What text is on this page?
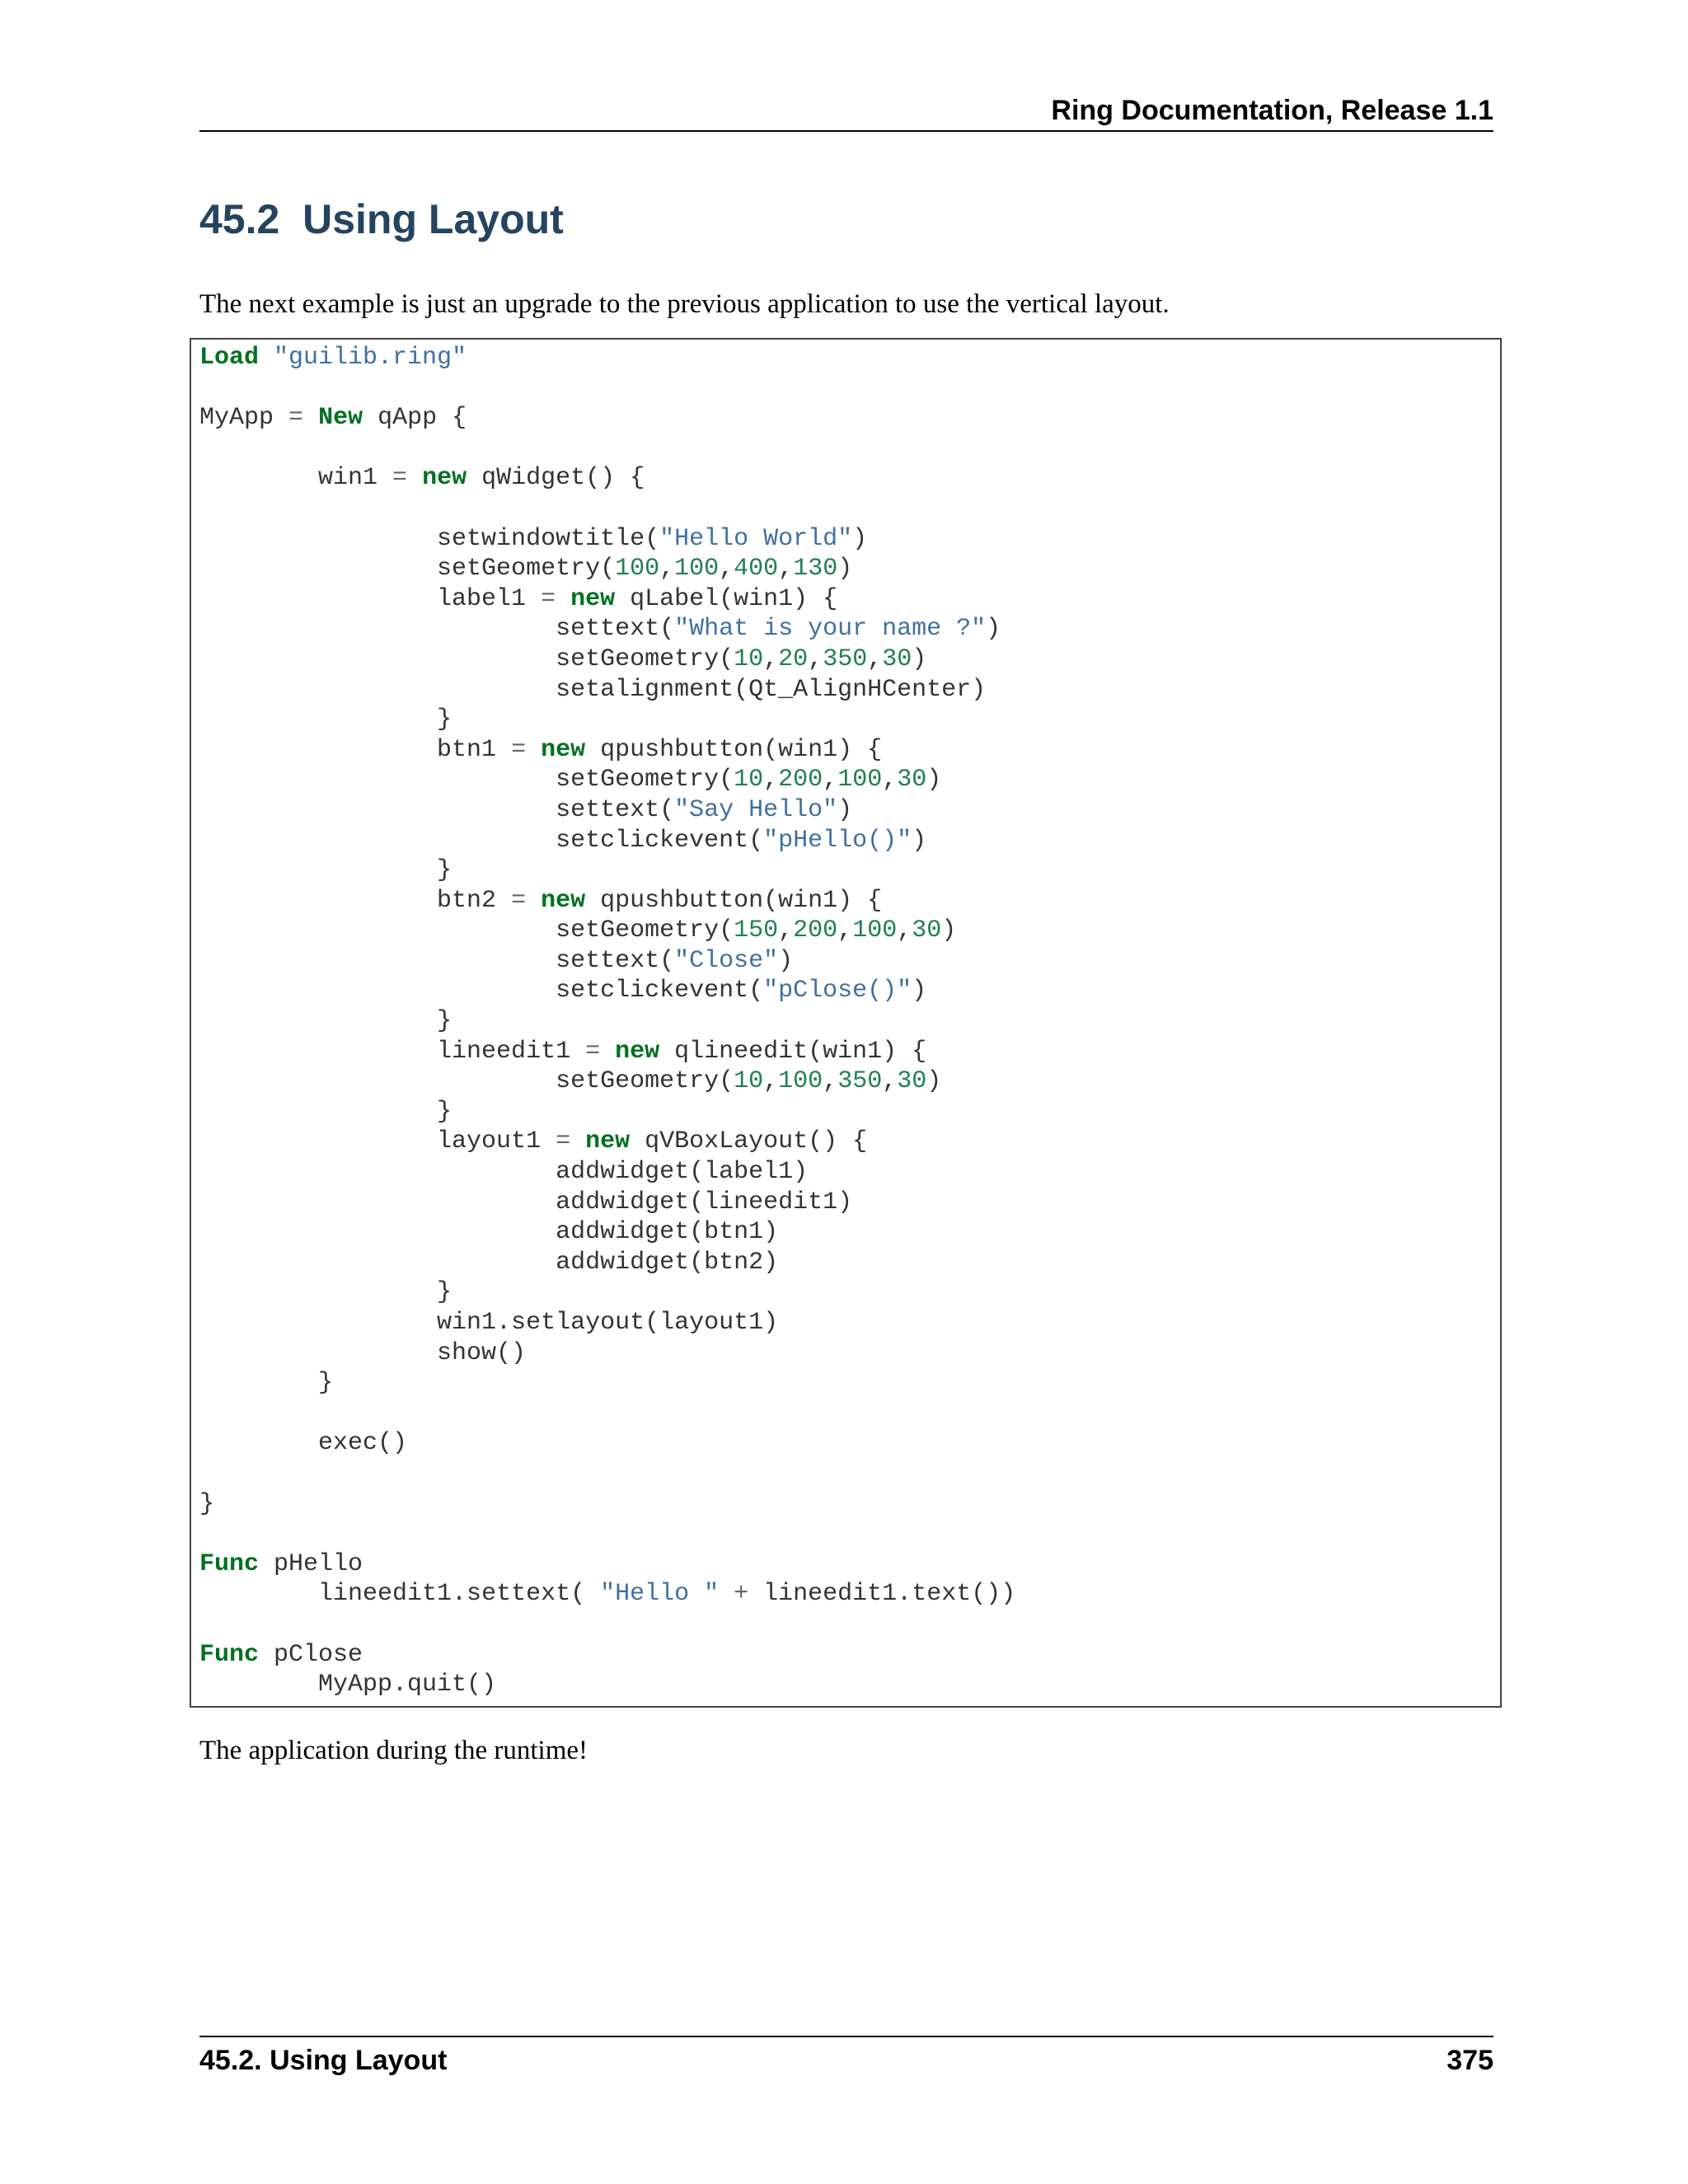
Ring Documentation, Release 1.1
45.2 Using Layout

The next example is just an upgrade to the previous application to use the vertical layout.

Load "guilib.ring"

MyApp = New qApp {

	win1 = new qWidget() {

		setwindowtitle("Hello World")
		setGeometry(100,100,400,130)
		label1 = new qLabel(win1) {
			settext("What is your name ?")
			setGeometry(10,20,350,30)
			setalignment(Qt_AlignHCenter)
		}
		btn1 = new qpushbutton(win1) {
			setGeometry(10,200,100,30)
			settext("Say Hello")
			setclickevent("pHello()")
		}
		btn2 = new qpushbutton(win1) {
			setGeometry(150,200,100,30)
			settext("Close")
			setclickevent("pClose()")
		}
		lineedit1 = new qlineedit(win1) {
			setGeometry(10,100,350,30)
		}
		layout1 = new qVBoxLayout() {
			addwidget(label1)
			addwidget(lineedit1)
			addwidget(btn1)
			addwidget(btn2)
		}
		win1.setlayout(layout1)
		show()
	}

	exec()

}

Func pHello
	lineedit1.settext( "Hello " + lineedit1.text())

Func pClose
	MyApp.quit()

The application during the runtime!

45.2. Using Layout	375
